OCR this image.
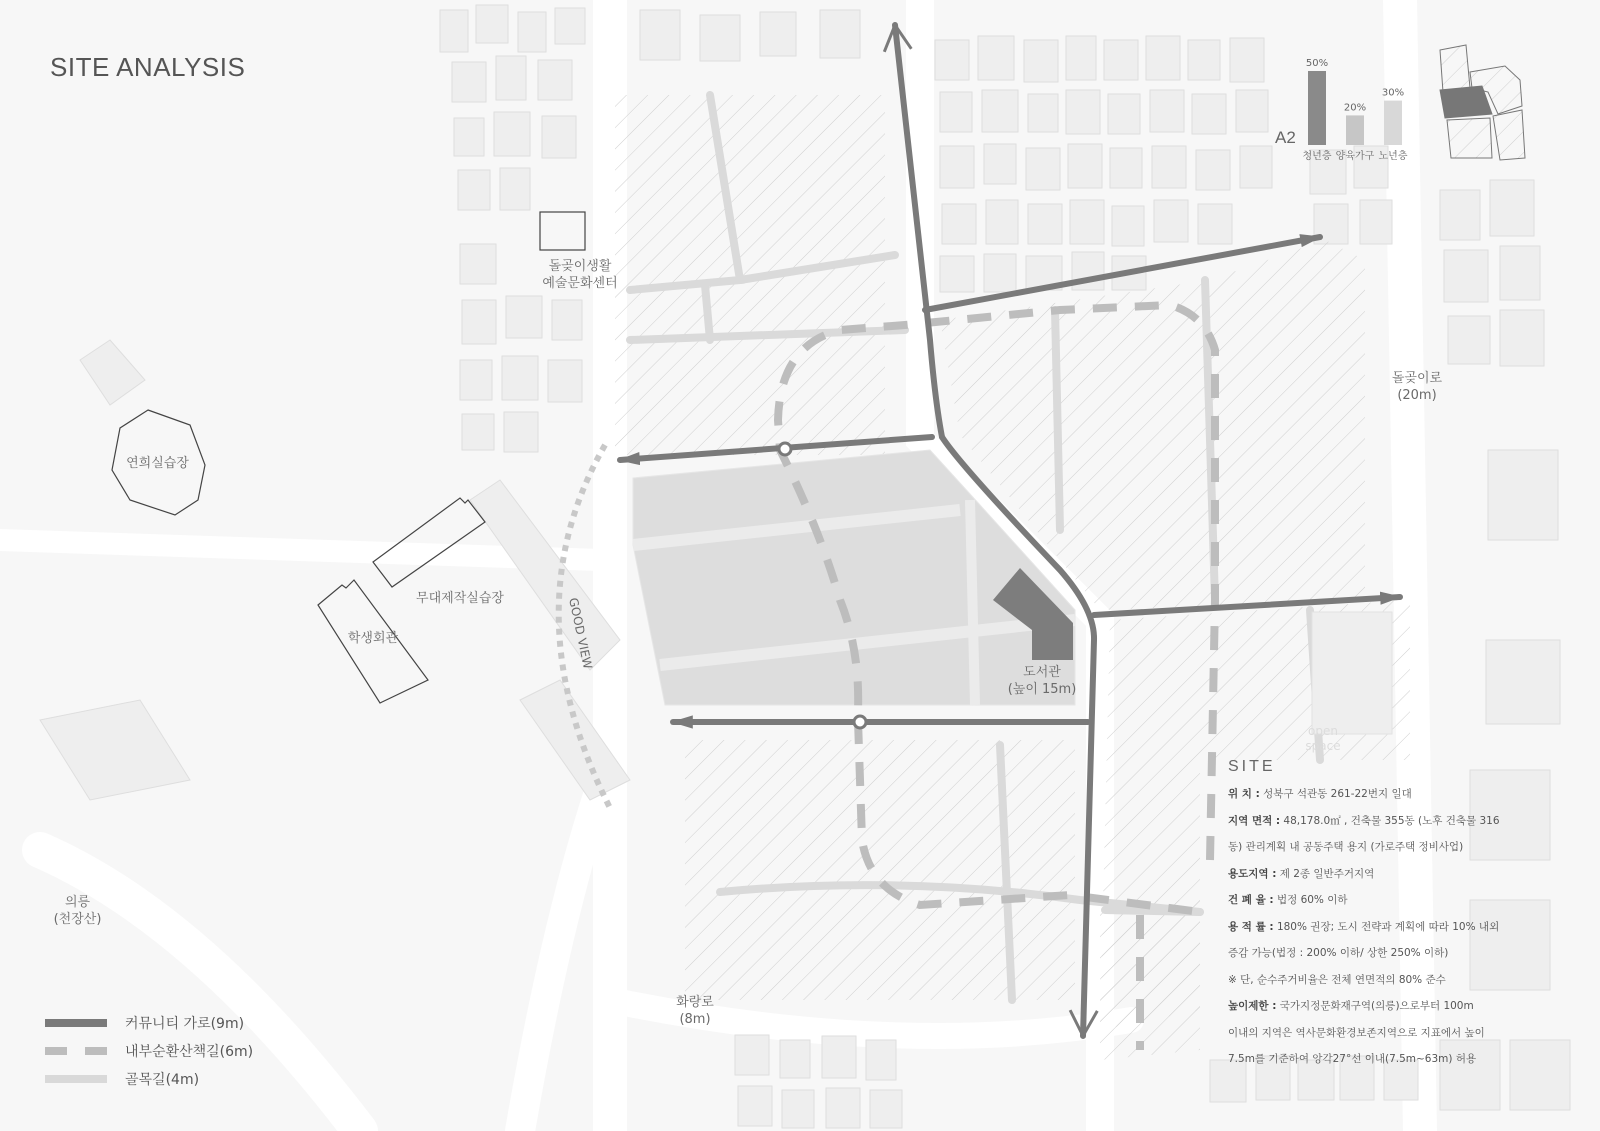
SITE ANALYSIS
돌곶이생활
예술문화센터
연희실습장
무대제작실습장
학생회관	GOOD VIEW
도서관
(높이 15m)
open
space
돌곶이로
(20m)
화랑로
(8m)
의릉
(천장산)
A2
50%
청년층
20%
양육가구
30%
노년층
SITE
위 치 : 성북구 석관동 261-22번지 일대
지역 면적 : 48,178.0㎡ , 건축물 355동 (노후 건축물 316
동) 관리계획 내 공동주택 용지 (가로주택 정비사업)
용도지역 : 제 2종 일반주거지역
건 폐 율 : 법정 60% 이하
용 적 률 : 180% 권장; 도시 전략과 계획에 따라 10% 내외
증감 가능(법정 : 200% 이하/ 상한 250% 이하)
※ 단, 순수주거비율은 전체 연면적의 80% 준수
높이제한 : 국가지정문화재구역(의릉)으로부터 100m
이내의 지역은 역사문화환경보존지역으로 지표에서 높이
7.5m를 기준하여 앙각27°선 이내(7.5m~63m) 허용
커뮤니티 가로(9m)
내부순환산책길(6m)
골목길(4m)
